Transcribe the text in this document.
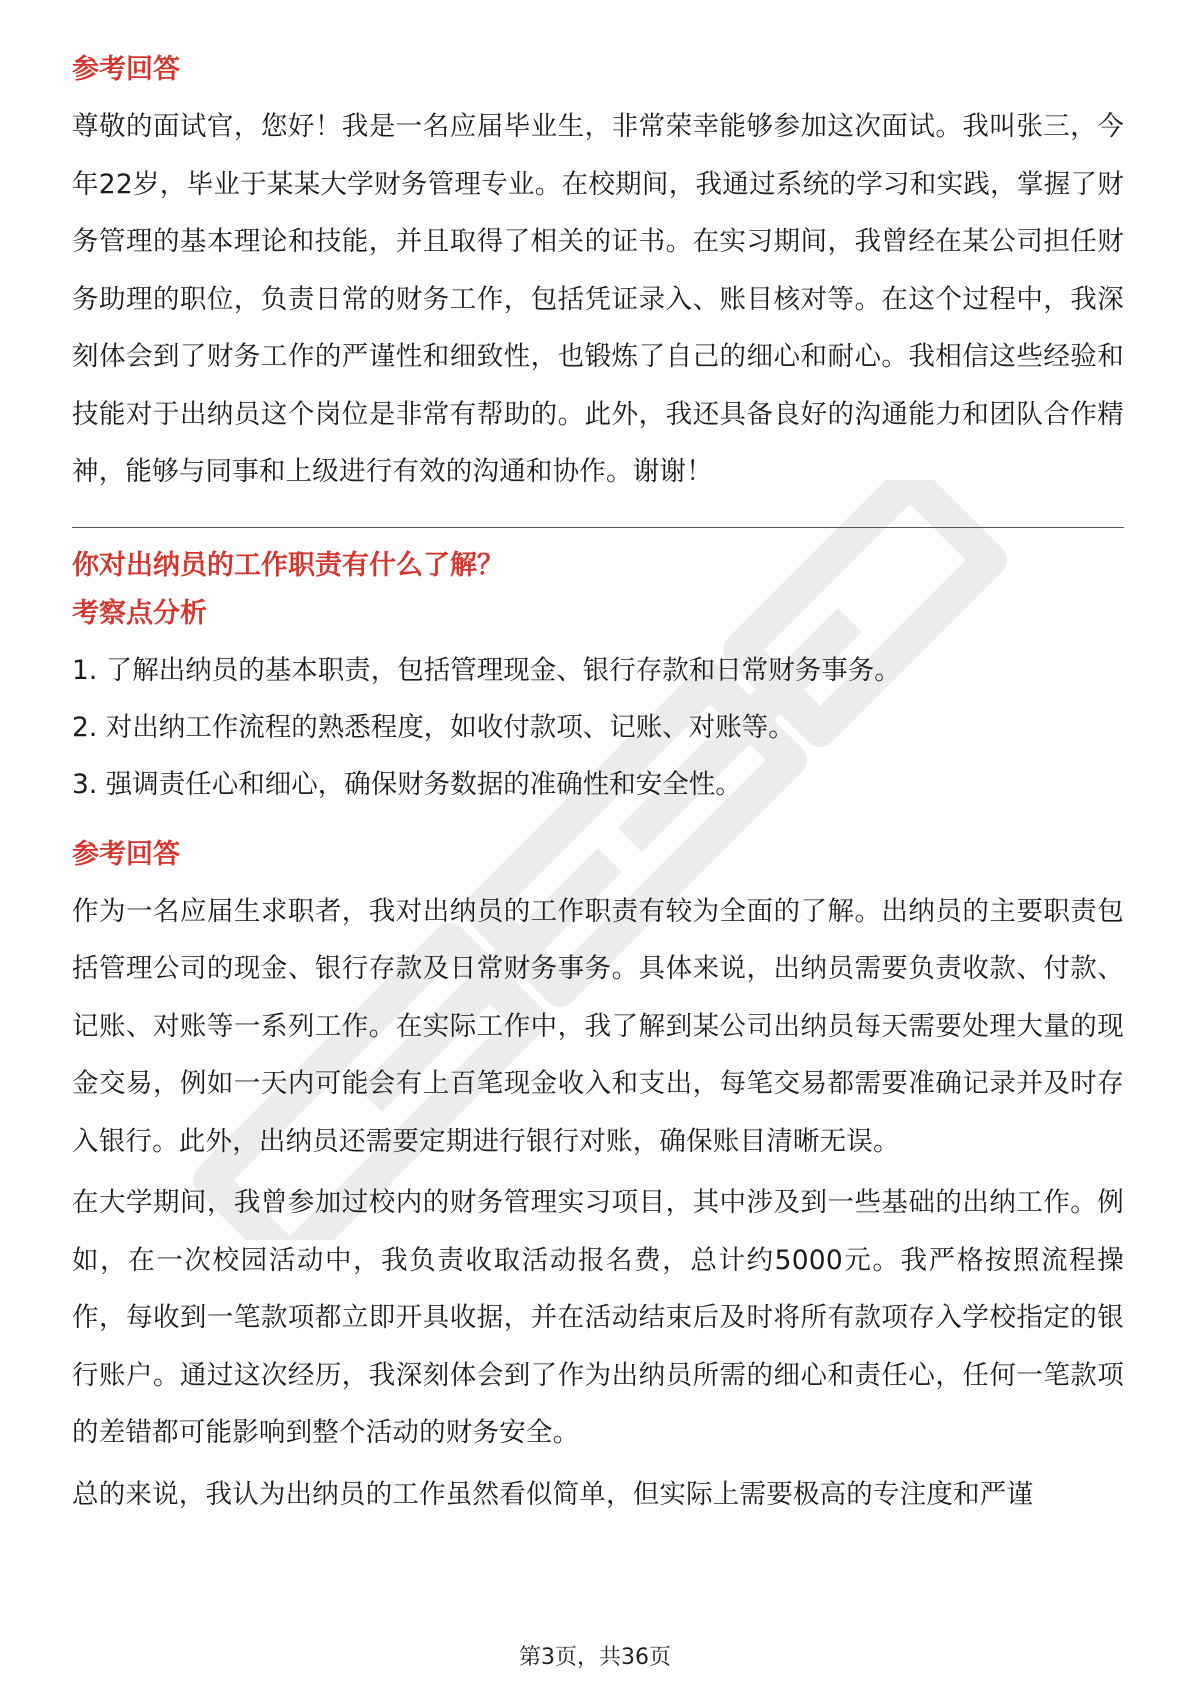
参考回答

尊敬的面试官，您好！我是一名应届毕业生，非常荣幸能够参加这次面试。我叫张三，今年22岁，毕业于某某大学财务管理专业。在校期间，我通过系统的学习和实践，掌握了财务管理的基本理论和技能，并且取得了相关的证书。在实习期间，我曾经在某公司担任财务助理的职位，负责日常的财务工作，包括凭证录入、账目核对等。在这个过程中，我深刻体会到了财务工作的严谨性和细致性，也锻炼了自己的细心和耐心。我相信这些经验和技能对于出纳员这个岗位是非常有帮助的。此外，我还具备良好的沟通能力和团队合作精神，能够与同事和上级进行有效的沟通和协作。谢谢！

你对出纳员的工作职责有什么了解？
考察点分析

1. 了解出纳员的基本职责，包括管理现金、银行存款和日常财务事务。

2. 对出纳工作流程的熟悉程度，如收付款项、记账、对账等。

3. 强调责任心和细心，确保财务数据的准确性和安全性。

参考回答

作为一名应届生求职者，我对出纳员的工作职责有较为全面的了解。出纳员的主要职责包括管理公司的现金、银行存款及日常财务事务。具体来说，出纳员需要负责收款、付款、记账、对账等一系列工作。在实际工作中，我了解到某公司出纳员每天需要处理大量的现金交易，例如一天内可能会有上百笔现金收入和支出，每笔交易都需要准确记录并及时存入银行。此外，出纳员还需要定期进行银行对账，确保账目清晰无误。

在大学期间，我曾参加过校内的财务管理实习项目，其中涉及到一些基础的出纳工作。例如，在一次校园活动中，我负责收取活动报名费，总计约5000元。我严格按照流程操作，每收到一笔款项都立即开具收据，并在活动结束后及时将所有款项存入学校指定的银行账户。通过这次经历，我深刻体会到了作为出纳员所需的细心和责任心，任何一笔款项的差错都可能影响到整个活动的财务安全。

总的来说，我认为出纳员的工作虽然看似简单，但实际上需要极高的专注度和严谨

第3页，共36页
